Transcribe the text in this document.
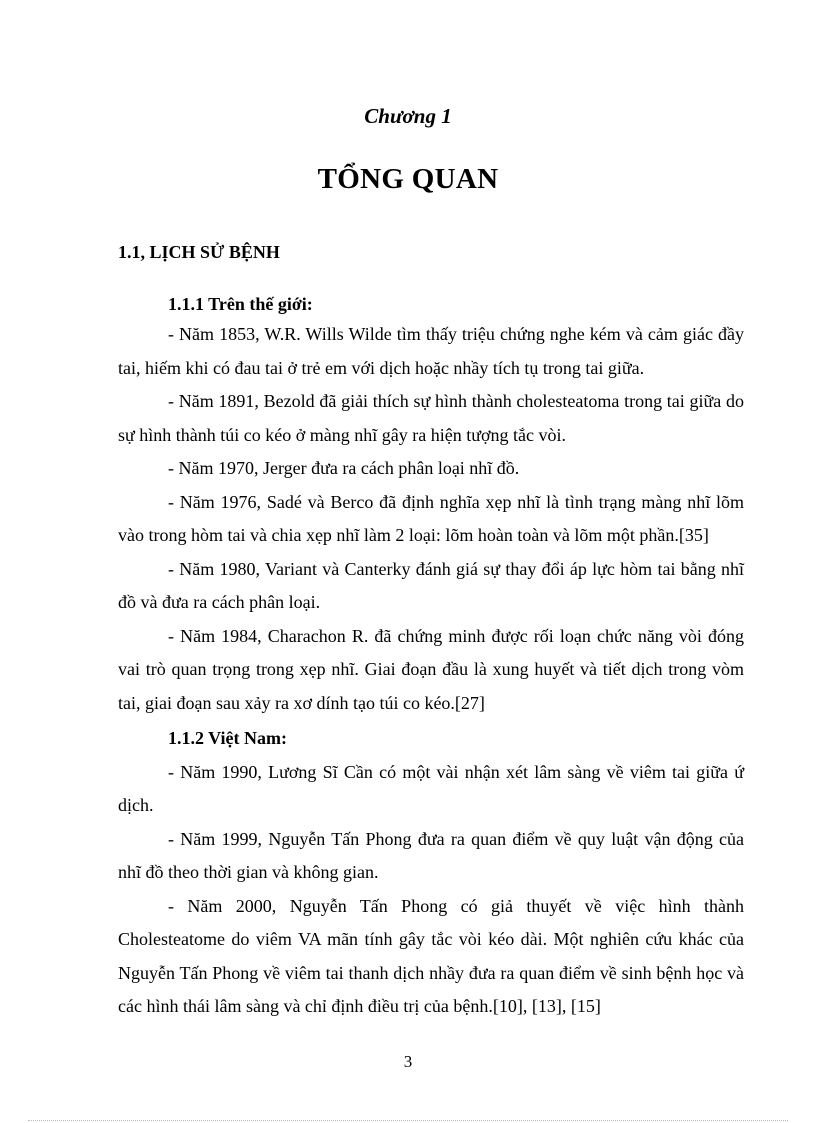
Chương 1
TỔNG QUAN
1.1, LỊCH SỬ BỆNH
1.1.1 Trên thế giới:

- Năm 1853, W.R. Wills Wilde tìm thấy triệu chứng nghe kém và cảm giác đầy tai, hiếm khi có đau tai ở trẻ em với dịch hoặc nhầy tích tụ trong tai giữa.

- Năm 1891, Bezold đã giải thích sự hình thành cholesteatoma trong tai giữa do sự hình thành túi co kéo ở màng nhĩ gây ra hiện tượng tắc vòi.

- Năm 1970, Jerger đưa ra cách phân loại nhĩ đồ.

- Năm 1976, Sadé và Berco đã định nghĩa xẹp nhĩ là tình trạng màng nhĩ lõm vào trong hòm tai và chia xẹp nhĩ làm 2 loại: lõm hoàn toàn và lõm một phần.[35]

- Năm 1980, Variant và Canterky đánh giá sự thay đổi áp lực hòm tai bằng nhĩ đồ và đưa ra cách phân loại.

- Năm 1984, Charachon R. đã chứng minh được rối loạn chức năng vòi đóng vai trò quan trọng trong xẹp nhĩ. Giai đoạn đầu là xung huyết và tiết dịch trong vòm tai, giai đoạn sau xảy ra xơ dính tạo túi co kéo.[27]

1.1.2 Việt Nam:

- Năm 1990, Lương Sĩ Cần có một vài nhận xét lâm sàng về viêm tai giữa ứ dịch.

- Năm 1999, Nguyễn Tấn Phong đưa ra quan điểm về quy luật vận động của nhĩ đồ theo thời gian và không gian.

- Năm 2000, Nguyễn Tấn Phong có giả thuyết về việc hình thành Cholesteatome do viêm VA mãn tính gây tắc vòi kéo dài. Một nghiên cứu khác của Nguyễn Tấn Phong về viêm tai thanh dịch nhầy đưa ra quan điểm về sinh bệnh học và các hình thái lâm sàng và chỉ định điều trị của bệnh.[10], [13], [15]

3
